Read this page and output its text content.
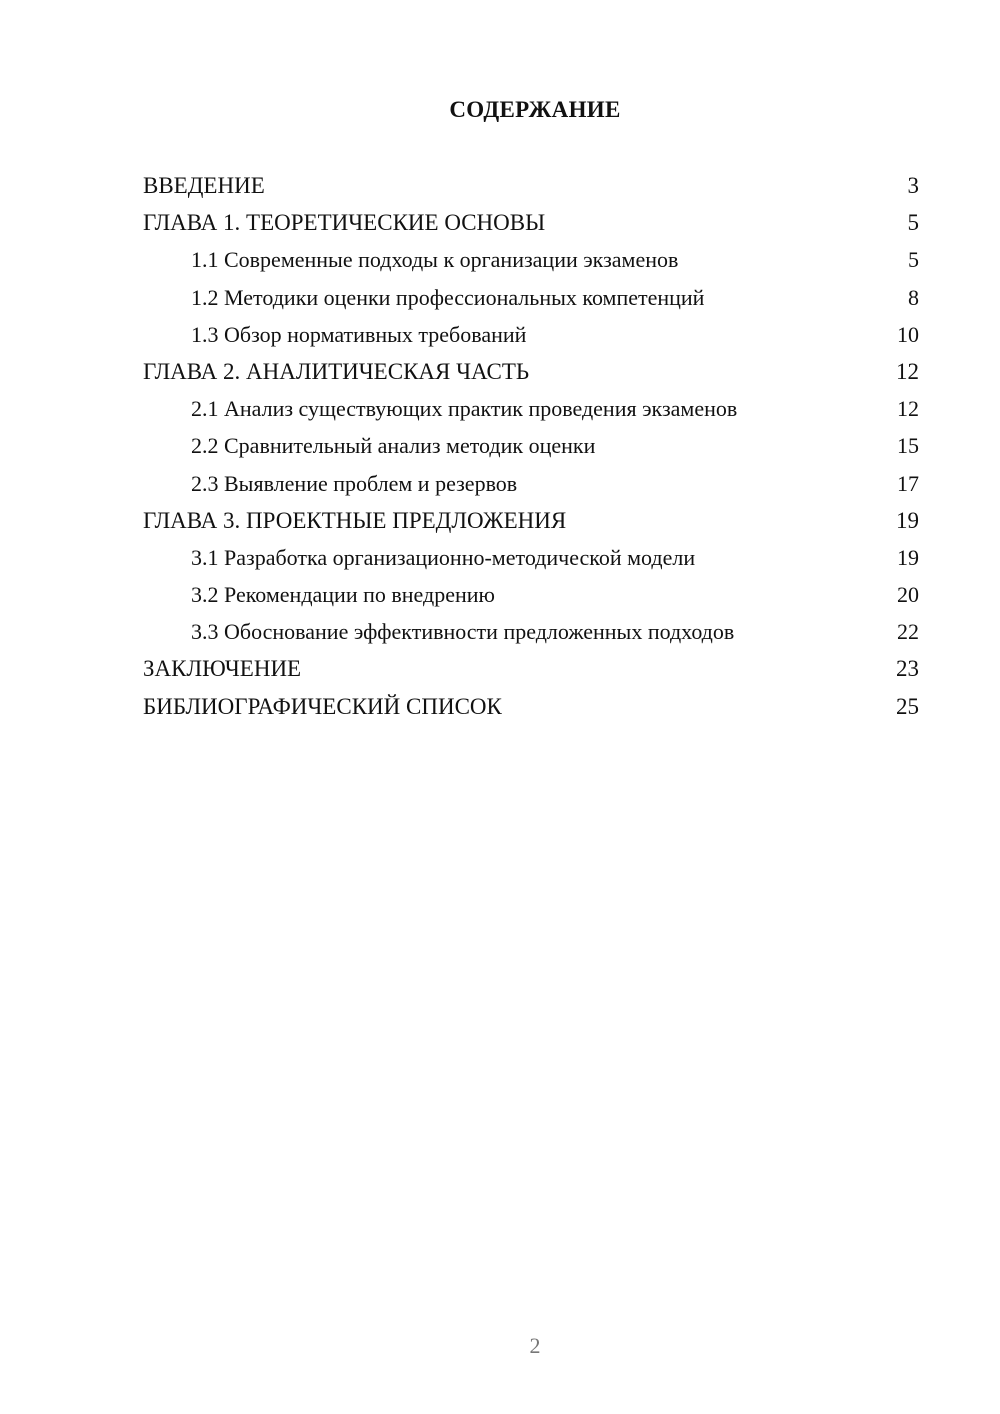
СОДЕРЖАНИЕ
ВВЕДЕНИЕ	3
ГЛАВА 1. ТЕОРЕТИЧЕСКИЕ ОСНОВЫ	5
1.1 Современные подходы к организации экзаменов	5
1.2 Методики оценки профессиональных компетенций	8
1.3 Обзор нормативных требований	10
ГЛАВА 2. АНАЛИТИЧЕСКАЯ ЧАСТЬ	12
2.1 Анализ существующих практик проведения экзаменов	12
2.2 Сравнительный анализ методик оценки	15
2.3 Выявление проблем и резервов	17
ГЛАВА 3. ПРОЕКТНЫЕ ПРЕДЛОЖЕНИЯ	19
3.1 Разработка организационно-методической модели	19
3.2 Рекомендации по внедрению	20
3.3 Обоснование эффективности предложенных подходов	22
ЗАКЛЮЧЕНИЕ	23
БИБЛИОГРАФИЧЕСКИЙ СПИСОК	25
2
